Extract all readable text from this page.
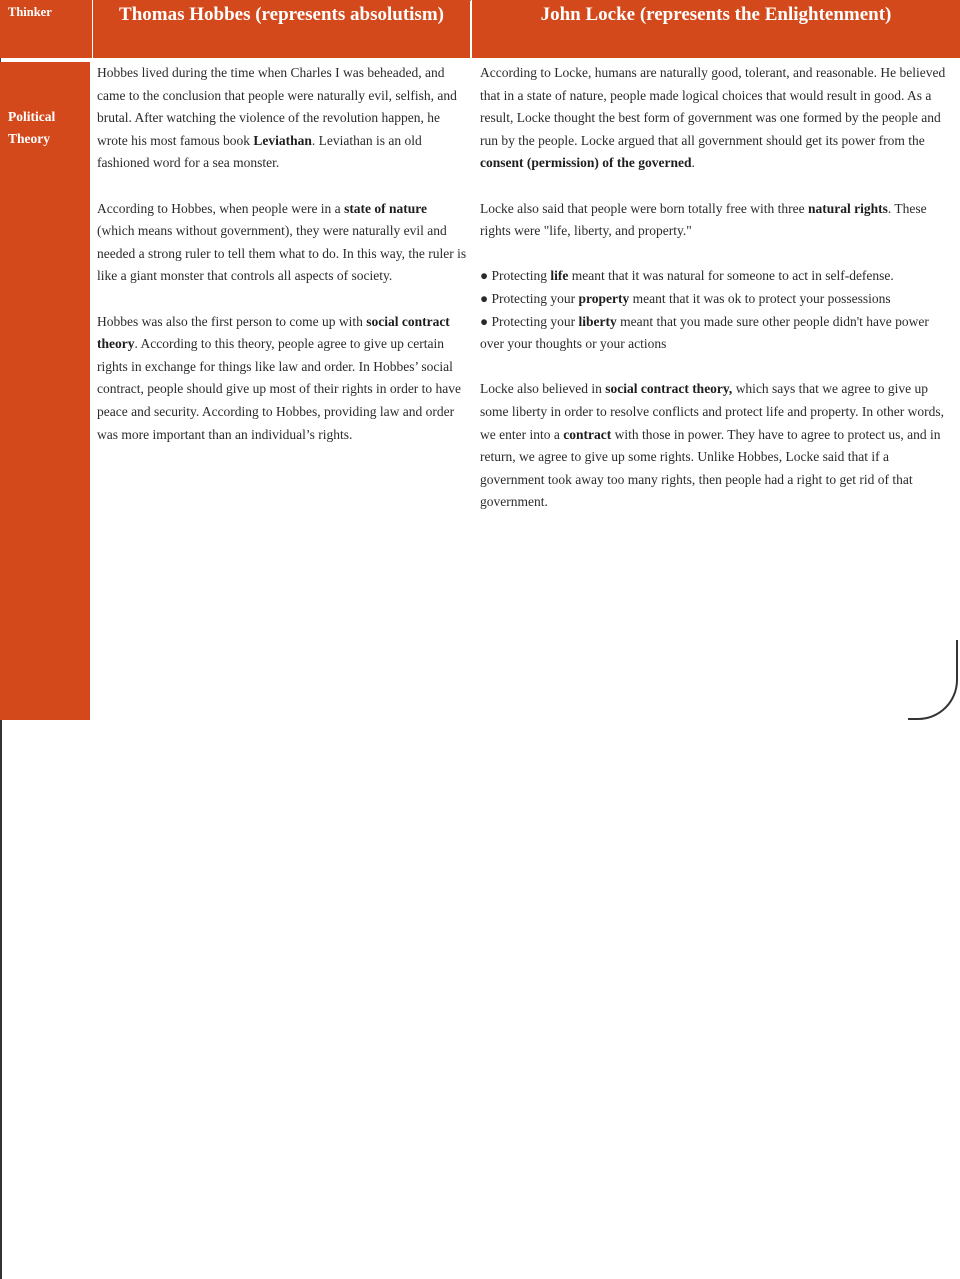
Thinker	Thomas Hobbes (represents absolutism)	John Locke (represents the Enlightenment)
Political Theory

Hobbes lived during the time when Charles I was beheaded, and came to the conclusion that people were naturally evil, selfish, and brutal. After watching the violence of the revolution happen, he wrote his most famous book Leviathan. Leviathan is an old fashioned word for a sea monster.

According to Hobbes, when people were in a state of nature (which means without government), they were naturally evil and needed a strong ruler to tell them what to do. In this way, the ruler is like a giant monster that controls all aspects of society.

Hobbes was also the first person to come up with social contract theory. According to this theory, people agree to give up certain rights in exchange for things like law and order. In Hobbes’ social contract, people should give up most of their rights in order to have peace and security. According to Hobbes, providing law and order was more important than an individual’s rights.

According to Locke, humans are naturally good, tolerant, and reasonable. He believed that in a state of nature, people made logical choices that would result in good. As a result, Locke thought the best form of government was one formed by the people and run by the people. Locke argued that all government should get its power from the consent (permission) of the governed.

Locke also said that people were born totally free with three natural rights. These rights were "life, liberty, and property."

● Protecting life meant that it was natural for someone to act in self-defense.

● Protecting your property meant that it was ok to protect your possessions

● Protecting your liberty meant that you made sure other people didn't have power over your thoughts or your actions

Locke also believed in social contract theory, which says that we agree to give up some liberty in order to resolve conflicts and protect life and property. In other words, we enter into a contract with those in power. They have to agree to protect us, and in return, we agree to give up some rights. Unlike Hobbes, Locke said that if a government took away too many rights, then people had a right to get rid of that government.
